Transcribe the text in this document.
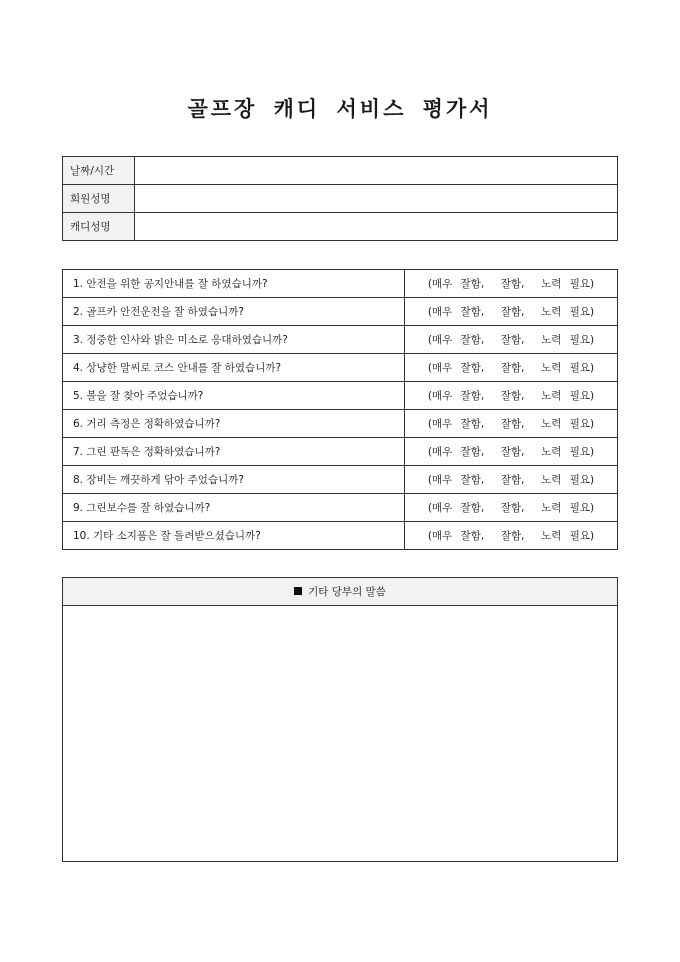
골프장 캐디 서비스 평가서
날짜/시간	
회원성명	
캐디성명	
1. 안전을 위한 공지안내를 잘 하였습니까?	(매우 잘함,  잘함,  노력 필요)
2. 골프카 안전운전을 잘 하였습니까?	(매우 잘함,  잘함,  노력 필요)
3. 정중한 인사와 밝은 미소로 응대하였습니까?	(매우 잘함,  잘함,  노력 필요)
4. 상냥한 말씨로 코스 안내를 잘 하였습니까?	(매우 잘함,  잘함,  노력 필요)
5. 볼을 잘 찾아 주었습니까?	(매우 잘함,  잘함,  노력 필요)
6. 거리 측정은 정확하였습니까?	(매우 잘함,  잘함,  노력 필요)
7. 그린 판독은 정확하였습니까?	(매우 잘함,  잘함,  노력 필요)
8. 장비는 깨끗하게 닦아 주었습니까?	(매우 잘함,  잘함,  노력 필요)
9. 그린보수를 잘 하였습니까?	(매우 잘함,  잘함,  노력 필요)
10. 기타 소지품은 잘 돌려받으셨습니까?	(매우 잘함,  잘함,  노력 필요)
기타 당부의 말씀
